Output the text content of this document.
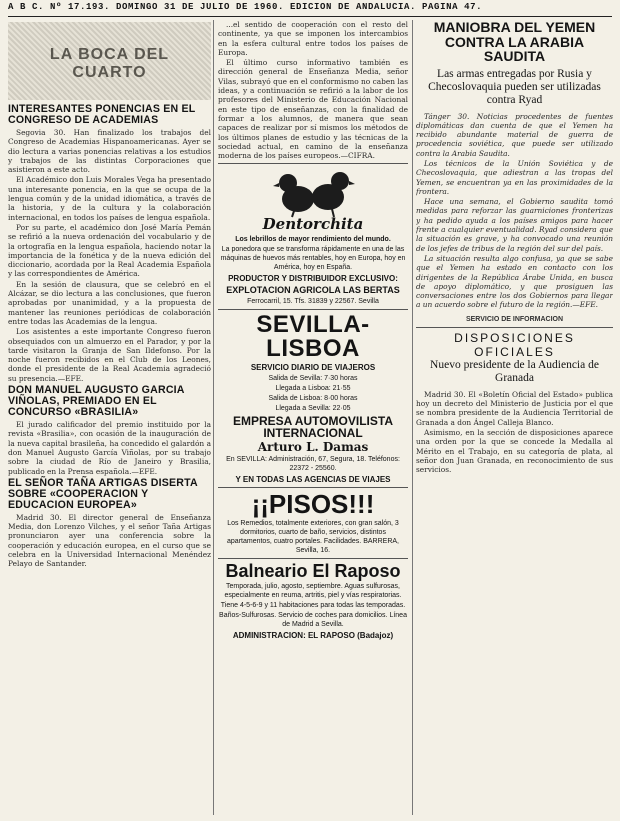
A B C. Nº 17.193. DOMINGO 31 DE JULIO DE 1960. EDICION DE ANDALUCIA. PAGINA 47.
LA BOCA DEL CUARTO
INTERESANTES PONENCIAS EN EL CONGRESO DE ACADEMIAS

Segovia 30. Han finalizado los trabajos del Congreso de Academias Hispanoamericanas. Ayer se dio lectura a varias ponencias relativas a los estudios y trabajos de las distintas Corporaciones que asistieron a este acto.

El Académico don Luis Morales Vega ha presentado una interesante ponencia, en la que se ocupa de la lengua común y de la unidad idiomática, a través de la historia, y de la cultura y la colaboración internacional, en todos los países de lengua española.

Por su parte, el académico don José María Pemán se refirió a la nueva ordenación del vocabulario y de la ortografía en la lengua española, haciendo notar la importancia de la fonética y de la nueva edición del diccionario, acordada por la Real Academia Española y las correspondientes de América.

En la sesión de clausura, que se celebró en el Alcázar, se dio lectura a las conclusiones, que fueron aprobadas por unanimidad, y a la propuesta de mantener las reuniones periódicas de colaboración entre todas las Academias de la lengua.

Los asistentes a este importante Congreso fueron obsequiados con un almuerzo en el Parador, y por la tarde visitaron la Granja de San Ildefonso. Por la noche fueron recibidos en el Club de los Leones, donde el presidente de la Real Academia agradeció su presencia.—EFE.

DON MANUEL AUGUSTO GARCIA VIÑOLAS, PREMIADO EN EL CONCURSO «BRASILIA»

El jurado calificador del premio instituido por la revista «Brasilia», con ocasión de la inauguración de la nueva capital brasileña, ha concedido el galardón a don Manuel Augusto García Viñolas, por su trabajo sobre la ciudad de Río de Janeiro y Brasilia, publicado en la Prensa española.—EFE.

EL SEÑOR TAÑA ARTIGAS DISERTA SOBRE «COOPERACION Y EDUCACION EUROPEA»

Madrid 30. El director general de Enseñanza Media, don Lorenzo Vilches, y el señor Taña Artigas pronunciaron ayer una conferencia sobre la cooperación y educación europea, en el curso que se celebra en la Universidad Internacional Menéndez Pelayo de Santander.

...el sentido de cooperación con el resto del continente, ya que se imponen los intercambios en la esfera cultural entre todos los países de Europa.

El último curso informativo también es dirección general de Enseñanza Media, señor Vilas, subrayó que en el conformismo no caben las ideas, y a continuación se refirió a la labor de los profesores del Ministerio de Educación Nacional en este tipo de enseñanzas, con la finalidad de formar a los alumnos, de manera que sean capaces de realizar por sí mismos los métodos de los últimos planes de estudio y las técnicas de la sociedad actual, en camino de la enseñanza moderna de los países europeos.—CIFRA.

Dentorchita
Los lebrillos de mayor rendimiento del mundo.
La ponedora que se transforma rápidamente en una de las máquinas de huevos más rentables, hoy en Europa, hoy en América, hoy en España.
PRODUCTOR Y DISTRIBUIDOR EXCLUSIVO:
EXPLOTACION AGRICOLA LAS BERTAS
Ferrocarril, 15. Tfs. 31839 y 22567. Sevilla
SEVILLA-LISBOA
SERVICIO DIARIO DE VIAJEROS
Salida de Sevilla: 7·30 horas
Llegada a Lisboa: 21·55
Salida de Lisboa: 8·00 horas
Llegada a Sevilla: 22·05
EMPRESA AUTOMOVILISTA INTERNACIONAL
Arturo L. Damas
En SEVILLA: Administración, 67, Segura, 18. Teléfonos: 22372 - 25560.
Y EN TODAS LAS AGENCIAS DE VIAJES
¡¡PISOS!!!
Los Remedios, totalmente exteriores, con gran salón, 3 dormitorios, cuarto de baño, servicios, distintos apartamentos, cuatro portales. Facilidades. BARRERA, Sevilla, 16.
Balneario El Raposo
Temporada, julio, agosto, septiembre. Aguas sulfurosas, especialmente en reuma, artritis, piel y vías respiratorias.
Tiene 4-5-6-9 y 11 habitaciones para todas las temporadas.
Baños-Sulfurosas. Servicio de coches para domicilios. Línea de Madrid a Sevilla.
ADMINISTRACION: EL RAPOSO (Badajoz)
MANIOBRA DEL YEMEN CONTRA LA ARABIA SAUDITA
Las armas entregadas por Rusia y Checoslovaquia pueden ser utilizadas contra Ryad

Tánger 30. Noticias procedentes de fuentes diplomáticas dan cuenta de que el Yemen ha recibido abundante material de guerra de procedencia soviética, que puede ser utilizado contra la Arabia Saudita.

Los técnicos de la Unión Soviética y de Checoslovaquia, que adiestran a las tropas del Yemen, se encuentran ya en las proximidades de la frontera.

Hace una semana, el Gobierno saudita tomó medidas para reforzar las guarniciones fronterizas y ha pedido ayuda a los países amigos para hacer frente a cualquier eventualidad. Ryad considera que la situación es grave, y ha convocado una reunión de los jefes de tribus de la región del sur del país.

La situación resulta algo confusa, ya que se sabe que el Yemen ha estado en contacto con los dirigentes de la República Árabe Unida, en busca de apoyo diplomático, y que prosiguen las conversaciones entre los dos Gobiernos para llegar a un acuerdo sobre el futuro de la región.—EFE.

SERVICIO DE INFORMACION
DISPOSICIONES
OFICIALES
Nuevo presidente de la Audiencia de Granada

Madrid 30. El «Boletín Oficial del Estado» publica hoy un decreto del Ministerio de Justicia por el que se nombra presidente de la Audiencia Territorial de Granada a don Ángel Calleja Blanco.

Asimismo, en la sección de disposiciones aparece una orden por la que se concede la Medalla al Mérito en el Trabajo, en su categoría de plata, al señor don Juan Granada, en reconocimiento de sus servicios.
